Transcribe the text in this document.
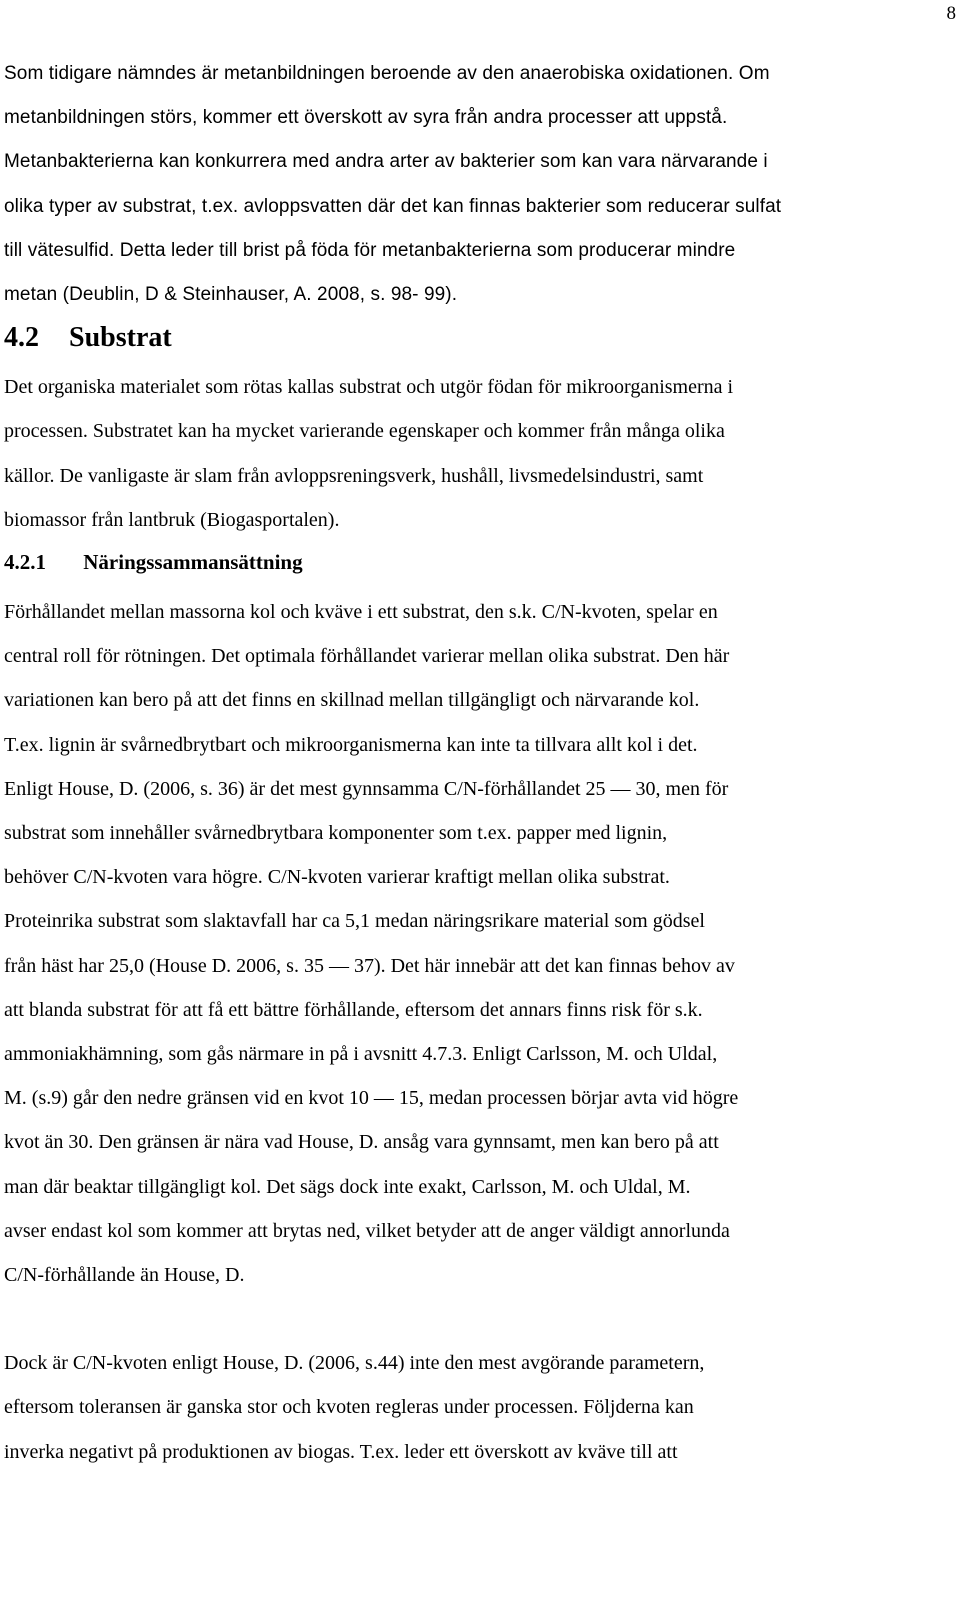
8

Som tidigare nämndes är metanbildningen beroende av den anaerobiska oxidationen. Om
metanbildningen störs, kommer ett överskott av syra från andra processer att uppstå.
Metanbakterierna kan konkurrera med andra arter av bakterier som kan vara närvarande i
olika typer av substrat, t.ex. avloppsvatten där det kan finnas bakterier som reducerar sulfat
till vätesulfid. Detta leder till brist på föda för metanbakterierna som producerar mindre
metan (Deublin, D & Steinhauser, A. 2008, s. 98- 99).

4.2 Substrat

Det organiska materialet som rötas kallas substrat och utgör födan för mikroorganismerna i
processen. Substratet kan ha mycket varierande egenskaper och kommer från många olika
källor. De vanligaste är slam från avloppsreningsverk, hushåll, livsmedelsindustri, samt
biomassor från lantbruk (Biogasportalen).

4.2.1 Näringssammansättning

Förhållandet mellan massorna kol och kväve i ett substrat, den s.k. C/N-kvoten, spelar en
central roll för rötningen. Det optimala förhållandet varierar mellan olika substrat. Den här
variationen kan bero på att det finns en skillnad mellan tillgängligt och närvarande kol.
T.ex. lignin är svårnedbrytbart och mikroorganismerna kan inte ta tillvara allt kol i det.
Enligt House, D. (2006, s. 36) är det mest gynnsamma C/N-förhållandet 25 ― 30, men för
substrat som innehåller svårnedbrytbara komponenter som t.ex. papper med lignin,
behöver C/N-kvoten vara högre. C/N-kvoten varierar kraftigt mellan olika substrat.
Proteinrika substrat som slaktavfall har ca 5,1 medan näringsrikare material som gödsel
från häst har 25,0 (House D. 2006, s. 35 ― 37). Det här innebär att det kan finnas behov av
att blanda substrat för att få ett bättre förhållande, eftersom det annars finns risk för s.k.
ammoniakhämning, som gås närmare in på i avsnitt 4.7.3. Enligt Carlsson, M. och Uldal,
M. (s.9) går den nedre gränsen vid en kvot 10 ― 15, medan processen börjar avta vid högre
kvot än 30. Den gränsen är nära vad House, D. ansåg vara gynnsamt, men kan bero på att
man där beaktar tillgängligt kol. Det sägs dock inte exakt, Carlsson, M. och Uldal, M.
avser endast kol som kommer att brytas ned, vilket betyder att de anger väldigt annorlunda
C/N-förhållande än House, D.

Dock är C/N-kvoten enligt House, D. (2006, s.44) inte den mest avgörande parametern,
eftersom toleransen är ganska stor och kvoten regleras under processen. Följderna kan
inverka negativt på produktionen av biogas. T.ex. leder ett överskott av kväve till att
